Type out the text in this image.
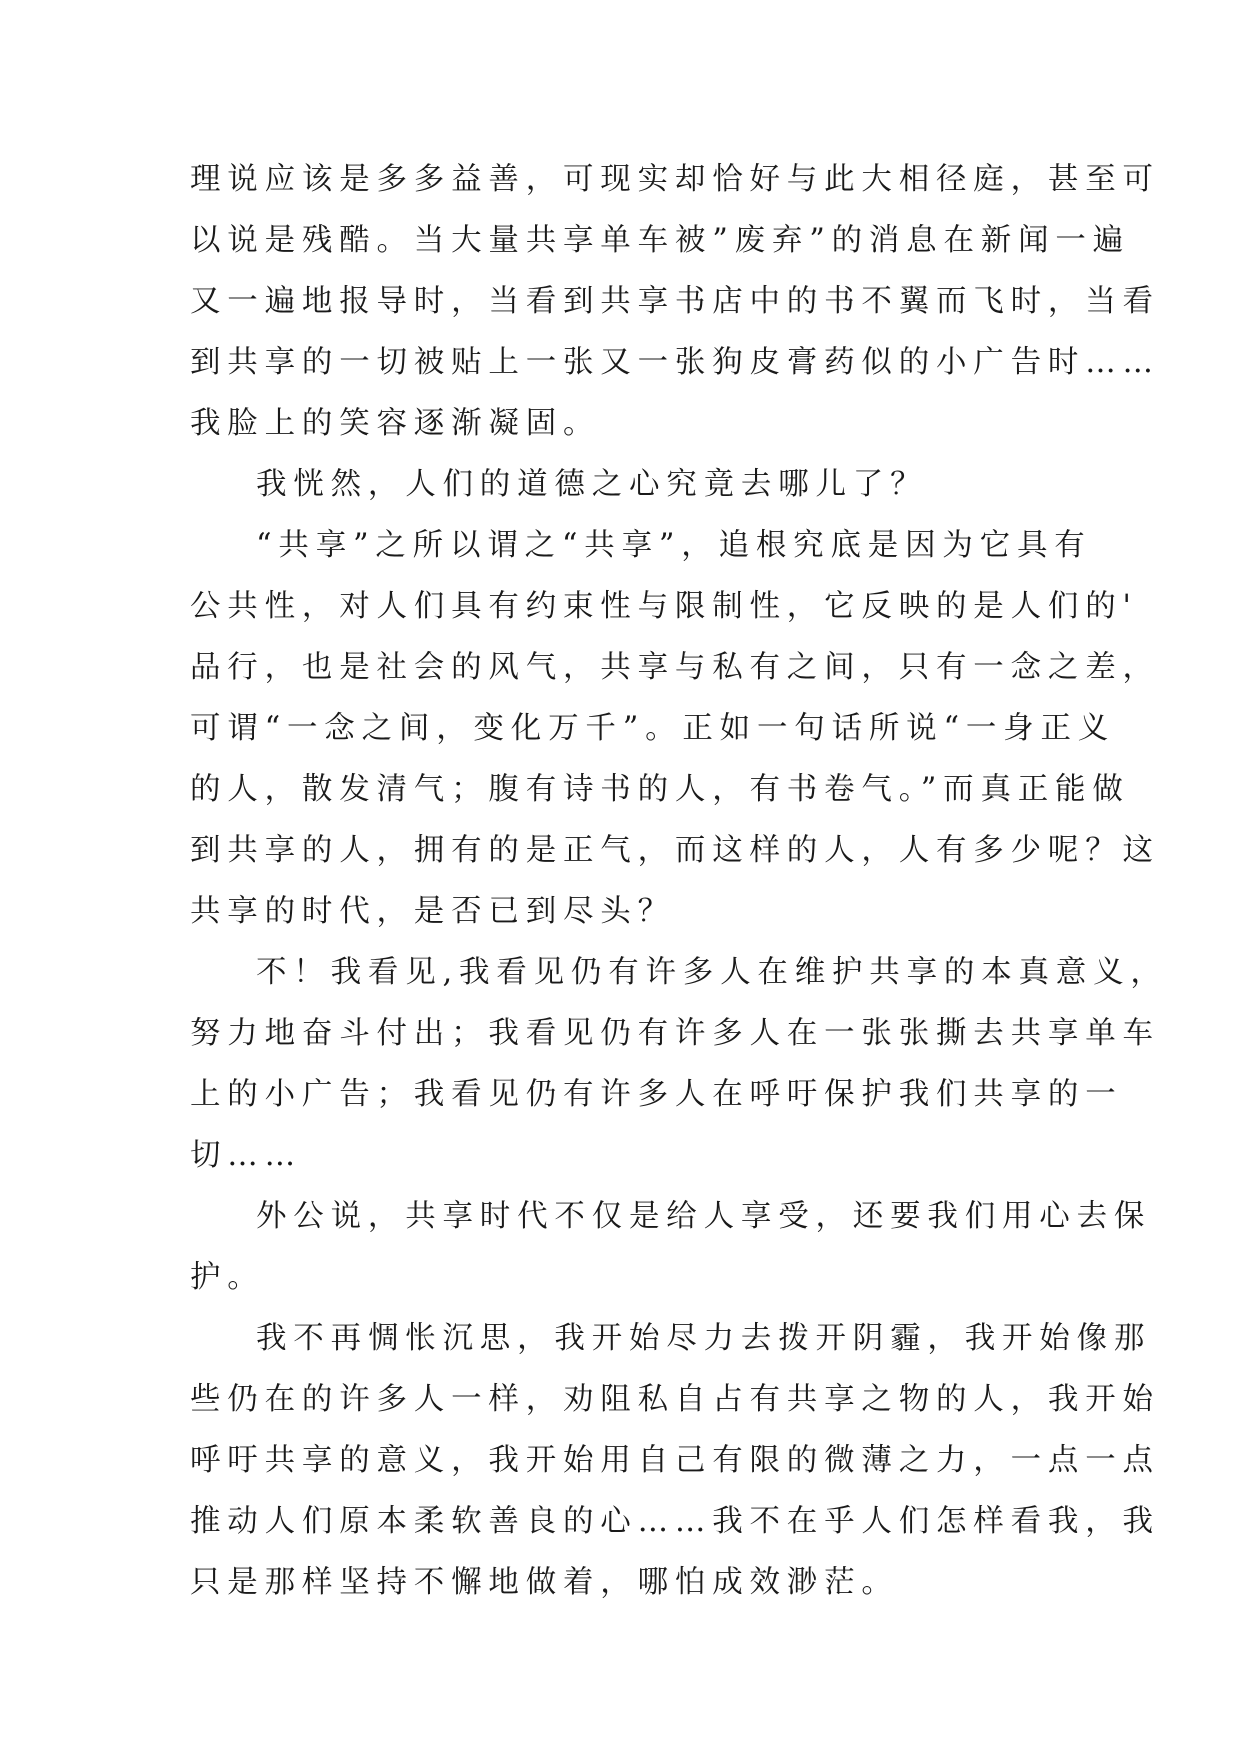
理说应该是多多益善，可现实却恰好与此大相径庭，甚至可
以说是残酷。当大量共享单车被”废弃”的消息在新闻一遍
又一遍地报导时，当看到共享书店中的书不翼而飞时，当看
到共享的一切被贴上一张又一张狗皮膏药似的小广告时……
我脸上的笑容逐渐凝固。
我恍然，人们的道德之心究竟去哪儿了？
“共享”之所以谓之“共享”，追根究底是因为它具有
公共性，对人们具有约束性与限制性，它反映的是人们的'
品行，也是社会的风气，共享与私有之间，只有一念之差，
可谓“一念之间，变化万千”。正如一句话所说“一身正义
的人，散发清气；腹有诗书的人，有书卷气。”而真正能做
到共享的人，拥有的是正气，而这样的人，人有多少呢？这
共享的时代，是否已到尽头？
不！我看见,我看见仍有许多人在维护共享的本真意义，
努力地奋斗付出；我看见仍有许多人在一张张撕去共享单车
上的小广告；我看见仍有许多人在呼吁保护我们共享的一
切……
外公说，共享时代不仅是给人享受，还要我们用心去保
护。
我不再惆怅沉思，我开始尽力去拨开阴霾，我开始像那
些仍在的许多人一样，劝阻私自占有共享之物的人，我开始
呼吁共享的意义，我开始用自己有限的微薄之力，一点一点
推动人们原本柔软善良的心……我不在乎人们怎样看我，我
只是那样坚持不懈地做着，哪怕成效渺茫。
